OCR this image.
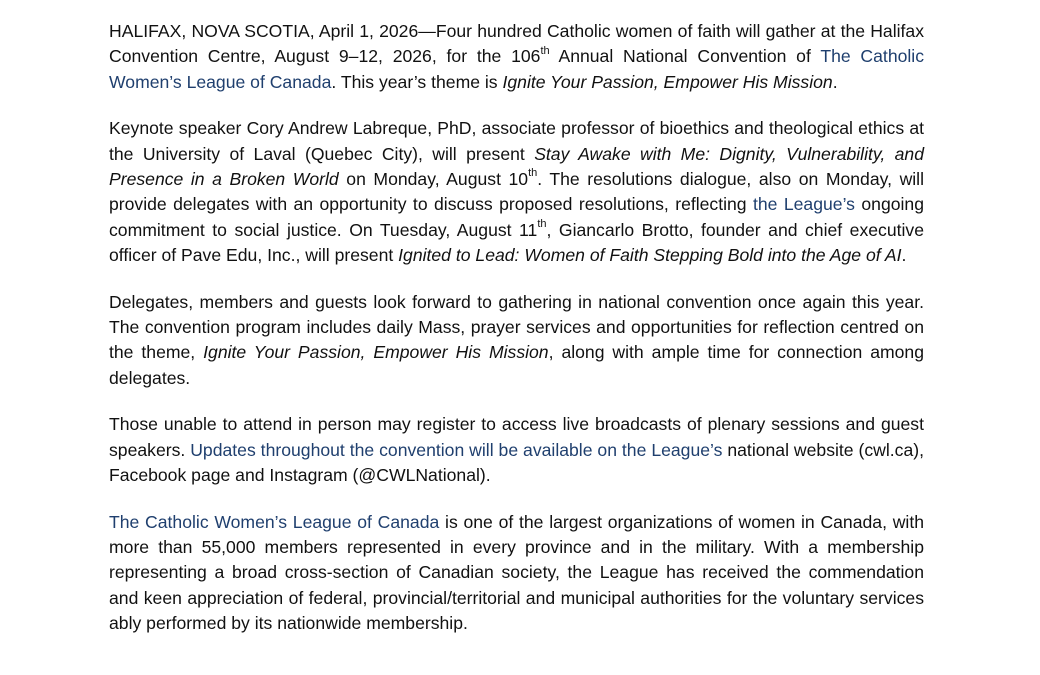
HALIFAX, NOVA SCOTIA, April 1, 2026—Four hundred Catholic women of faith will gather at the Halifax Convention Centre, August 9–12, 2026, for the 106th Annual National Convention of The Catholic Women’s League of Canada. This year’s theme is Ignite Your Passion, Empower His Mission.

Keynote speaker Cory Andrew Labreque, PhD, associate professor of bioethics and theological ethics at the University of Laval (Quebec City), will present Stay Awake with Me: Dignity, Vulnerability, and Presence in a Broken World on Monday, August 10th. The resolutions dialogue, also on Monday, will provide delegates with an opportunity to discuss proposed resolutions, reflecting the League’s ongoing commitment to social justice. On Tuesday, August 11th, Giancarlo Brotto, founder and chief executive officer of Pave Edu, Inc., will present Ignited to Lead: Women of Faith Stepping Bold into the Age of AI.

Delegates, members and guests look forward to gathering in national convention once again this year. The convention program includes daily Mass, prayer services and opportunities for reflection centred on the theme, Ignite Your Passion, Empower His Mission, along with ample time for connection among delegates.

Those unable to attend in person may register to access live broadcasts of plenary sessions and guest speakers. Updates throughout the convention will be available on the League’s national website (cwl.ca), Facebook page and Instagram (@CWLNational).

The Catholic Women’s League of Canada is one of the largest organizations of women in Canada, with more than 55,000 members represented in every province and in the military. With a membership representing a broad cross-section of Canadian society, the League has received the commendation and keen appreciation of federal, provincial/territorial and municipal authorities for the voluntary services ably performed by its nationwide membership.
